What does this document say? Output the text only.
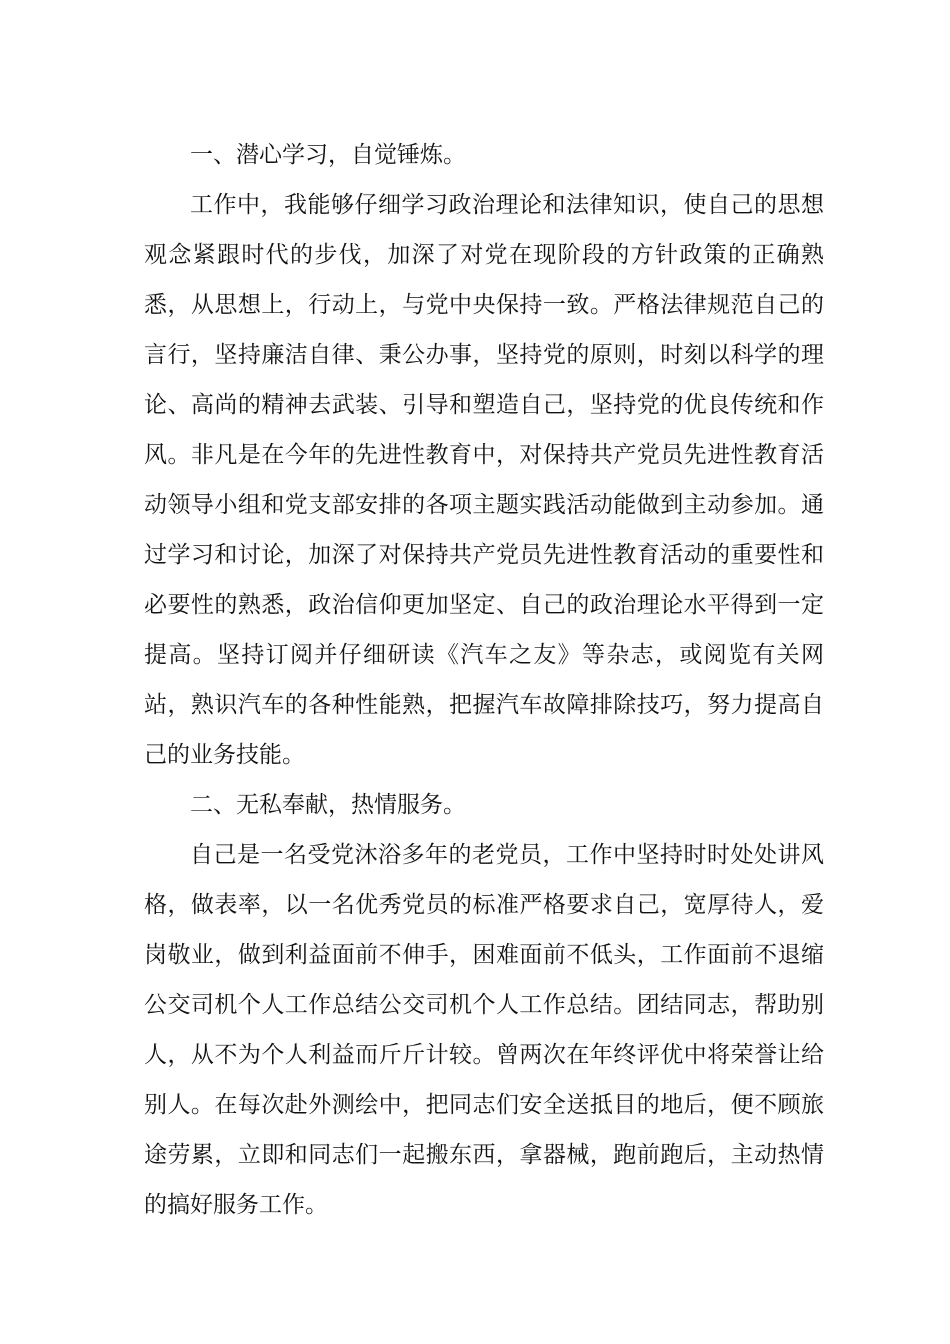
一、潜心学习，自觉锤炼。

工作中，我能够仔细学习政治理论和法律知识，使自己的思想观念紧跟时代的步伐，加深了对党在现阶段的方针政策的正确熟悉，从思想上，行动上，与党中央保持一致。严格法律规范自己的言行，坚持廉洁自律、秉公办事，坚持党的原则，时刻以科学的理论、高尚的精神去武装、引导和塑造自己，坚持党的优良传统和作风。非凡是在今年的先进性教育中，对保持共产党员先进性教育活动领导小组和党支部安排的各项主题实践活动能做到主动参加。通过学习和讨论，加深了对保持共产党员先进性教育活动的重要性和必要性的熟悉，政治信仰更加坚定、自己的政治理论水平得到一定提高。坚持订阅并仔细研读《汽车之友》等杂志，或阅览有关网站，熟识汽车的各种性能熟，把握汽车故障排除技巧，努力提高自己的业务技能。

二、无私奉献，热情服务。

自己是一名受党沐浴多年的老党员，工作中坚持时时处处讲风格，做表率，以一名优秀党员的标准严格要求自己，宽厚待人，爱岗敬业，做到利益面前不伸手，困难面前不低头，工作面前不退缩公交司机个人工作总结公交司机个人工作总结。团结同志，帮助别人，从不为个人利益而斤斤计较。曾两次在年终评优中将荣誉让给别人。在每次赴外测绘中，把同志们安全送抵目的地后，便不顾旅途劳累，立即和同志们一起搬东西，拿器械，跑前跑后，主动热情的搞好服务工作。
